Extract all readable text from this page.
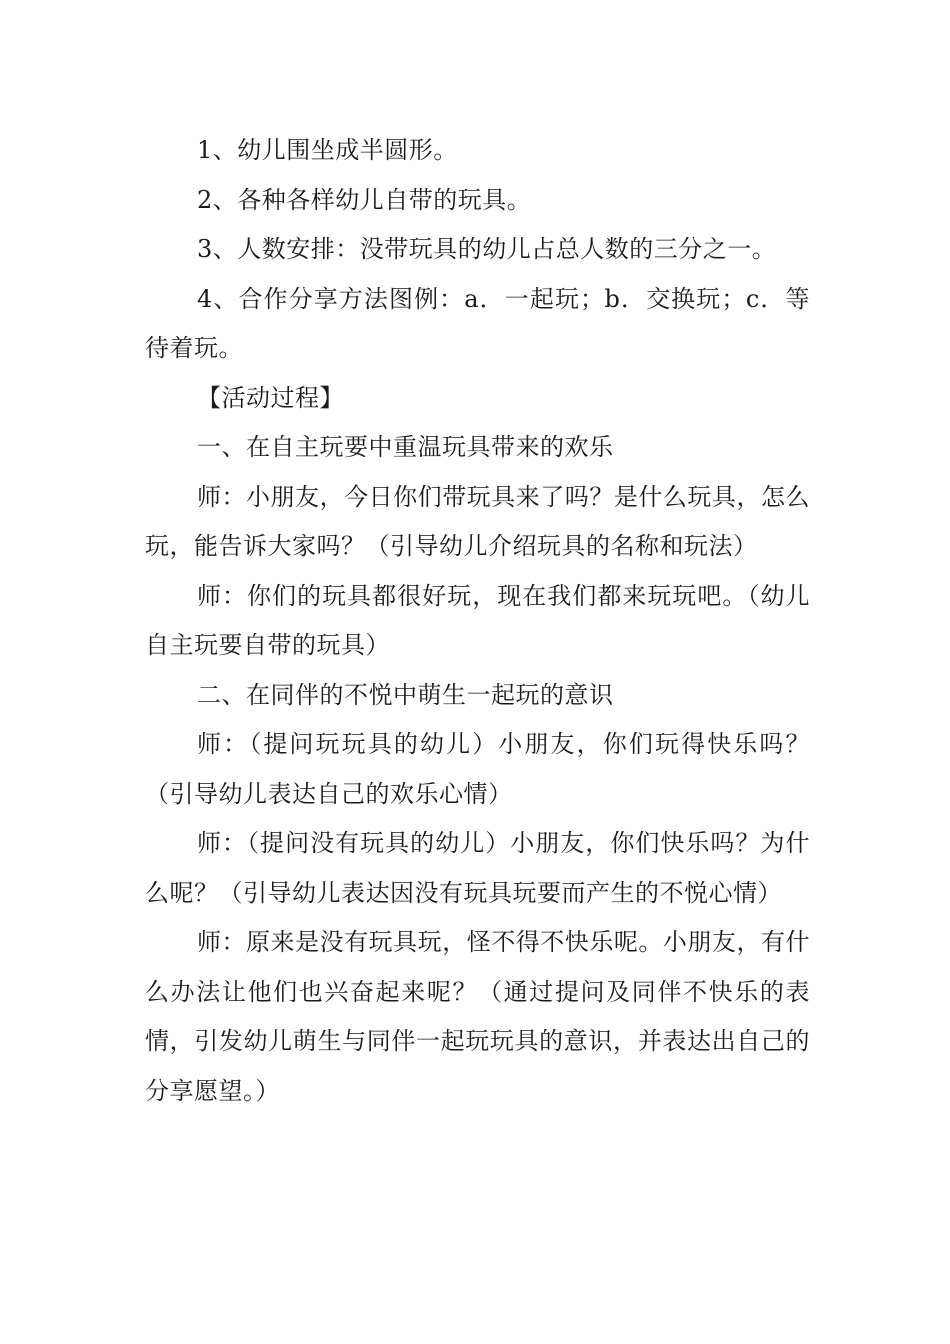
1、幼儿围坐成半圆形。

2、各种各样幼儿自带的玩具。

3、人数安排：没带玩具的幼儿占总人数的三分之一。

4、合作分享方法图例：a．一起玩；b．交换玩；c．等待着玩。

【活动过程】

一、在自主玩要中重温玩具带来的欢乐

师：小朋友，今日你们带玩具来了吗？是什么玩具，怎么玩，能告诉大家吗？（引导幼儿介绍玩具的名称和玩法）

师：你们的玩具都很好玩，现在我们都来玩玩吧。（幼儿自主玩要自带的玩具）

二、在同伴的不悦中萌生一起玩的意识

师：（提问玩玩具的幼儿）小朋友，你们玩得快乐吗？（引导幼儿表达自己的欢乐心情）

师：（提问没有玩具的幼儿）小朋友，你们快乐吗？为什么呢？（引导幼儿表达因没有玩具玩要而产生的不悦心情）

师：原来是没有玩具玩，怪不得不快乐呢。小朋友，有什么办法让他们也兴奋起来呢？（通过提问及同伴不快乐的表情，引发幼儿萌生与同伴一起玩玩具的意识，并表达出自己的分享愿望。）
